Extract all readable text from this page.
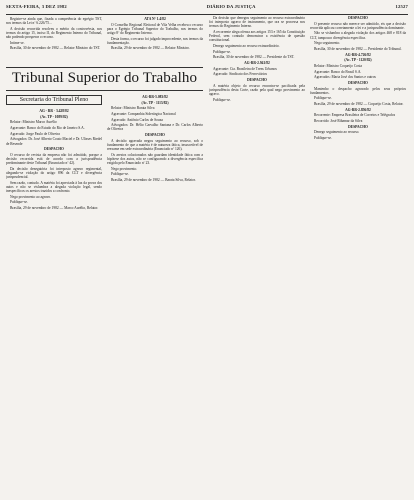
SEXTA-FEIRA, 3 DEZ 1982	DIÁRIO DA JUSTIÇA	12527

Registre-se ainda que, fixada a competência do egrégio TST, nos termos da Lei nº 6.226/75...

A decisão recorrida resolveu o mérito da controvérsia, nos termos do artigo 15, inciso II, do Regimento Interno do Tribunal, não podendo prosperar o recurso.

Intime-se.

Brasília, 30 de novembro de 1982 — Relator Ministro do TST.

ATA Nº 1.4/82

O Conselho Regional Eleitoral de Vila Velha recebeu o recurso para o Egrégio Tribunal Superior do Trabalho, nos termos do artigo 8º do Regimento Interno.

Desta forma, o recurso foi julgado improcedente, nos termos da fundamentação.

Brasília, 29 de novembro de 1982 — Relator Ministro.

Tribunal Superior do Trabalho
Secretaria do Tribunal Pleno

AG - RR - 3.428/82

(Ac. TP - 1089/82)

Relator: Ministro Marco Aurélio

Agravante: Banco do Estado do Rio de Janeiro S.A.

Agravado: Jorge Paulo de Oliveira

Advogados: Dr. José Alberto Couto Maciel e Dr. Ulisses Riedel de Resende

DESPACHO

O recurso de revista da empresa não foi admitido, porque a decisão recorrida está de acordo com a jurisprudência predominante deste Tribunal (Enunciado nº 42).

Da decisão denegatória foi interposto agravo regimental, alegando-se violação do artigo 896 da CLT e divergência jurisprudencial.

Sem razão, contudo. A matéria foi apreciada à luz da prova dos autos e não se vislumbra a alegada violação legal, sendo inespecíficos os arestos trazidos a confronto.

Nego provimento ao agravo.

Publique-se.

Brasília, 29 de novembro de 1982 — Marco Aurélio, Relator.

AG-RR-5.083/82

(Ac. TP - 1115/82)

Relator: Ministro Barata Silva

Agravante: Companhia Siderúrgica Nacional

Agravado: Antônio Carlos de Souza

Advogados: Dr. Hélio Carvalho Santana e Dr. Carlos Alberto de Oliveira

DESPACHO

A decisão agravada negou seguimento ao recurso, sob o fundamento de que a matéria é de natureza fática, insuscetível de reexame em sede extraordinária (Enunciado nº 126).

Os arestos colacionados não guardam identidade fática com a hipótese dos autos, não se configurando a divergência específica exigida pelo Enunciado nº 23.

Nego provimento.

Publique-se.

Brasília, 29 de novembro de 1982 — Barata Silva, Relator.

Da decisão que denegou seguimento ao recurso extraordinário foi interposto agravo de instrumento, que ora se processa nos termos do Regimento Interno.

A recorrente alega ofensa aos artigos 153 e 165 da Constituição Federal, sem contudo demonstrar a existência de questão constitucional.

Denego seguimento ao recurso extraordinário.

Publique-se.

Brasília, 30 de novembro de 1982 — Presidente do TST.

AG-RR-2.941/82

Agravante: Cia. Brasileira de Trens Urbanos

Agravado: Sindicato dos Ferroviários

DESPACHO

A matéria objeto do recurso encontra-se pacificada pela jurisprudência desta Corte, razão pela qual nego provimento ao agravo.

Publique-se.

DESPACHO

O presente recurso não merece ser admitido, eis que a decisão recorrida aplicou corretamente a lei e a jurisprudência dominante.

Não se vislumbra a alegada violação dos artigos 468 e 818 da CLT, tampouco divergência específica.

Nego seguimento.

Brasília, 30 de novembro de 1982 — Presidente do Tribunal.

AG-RR-4.726/82

(Ac. TP - 1120/82)

Relator: Ministro Coqueijo Costa

Agravante: Banco do Brasil S.A.

Agravados: Maria José dos Santos e outros

DESPACHO

Mantenho o despacho agravado pelos seus próprios fundamentos.

Publique-se.

Brasília, 29 de novembro de 1982 — Coqueijo Costa, Relator.

AG-RR-2.856/82

Recorrente: Empresa Brasileira de Correios e Telégrafos

Recorrido: José Ribamar da Silva

DESPACHO

Denego seguimento ao recurso.

Publique-se.
